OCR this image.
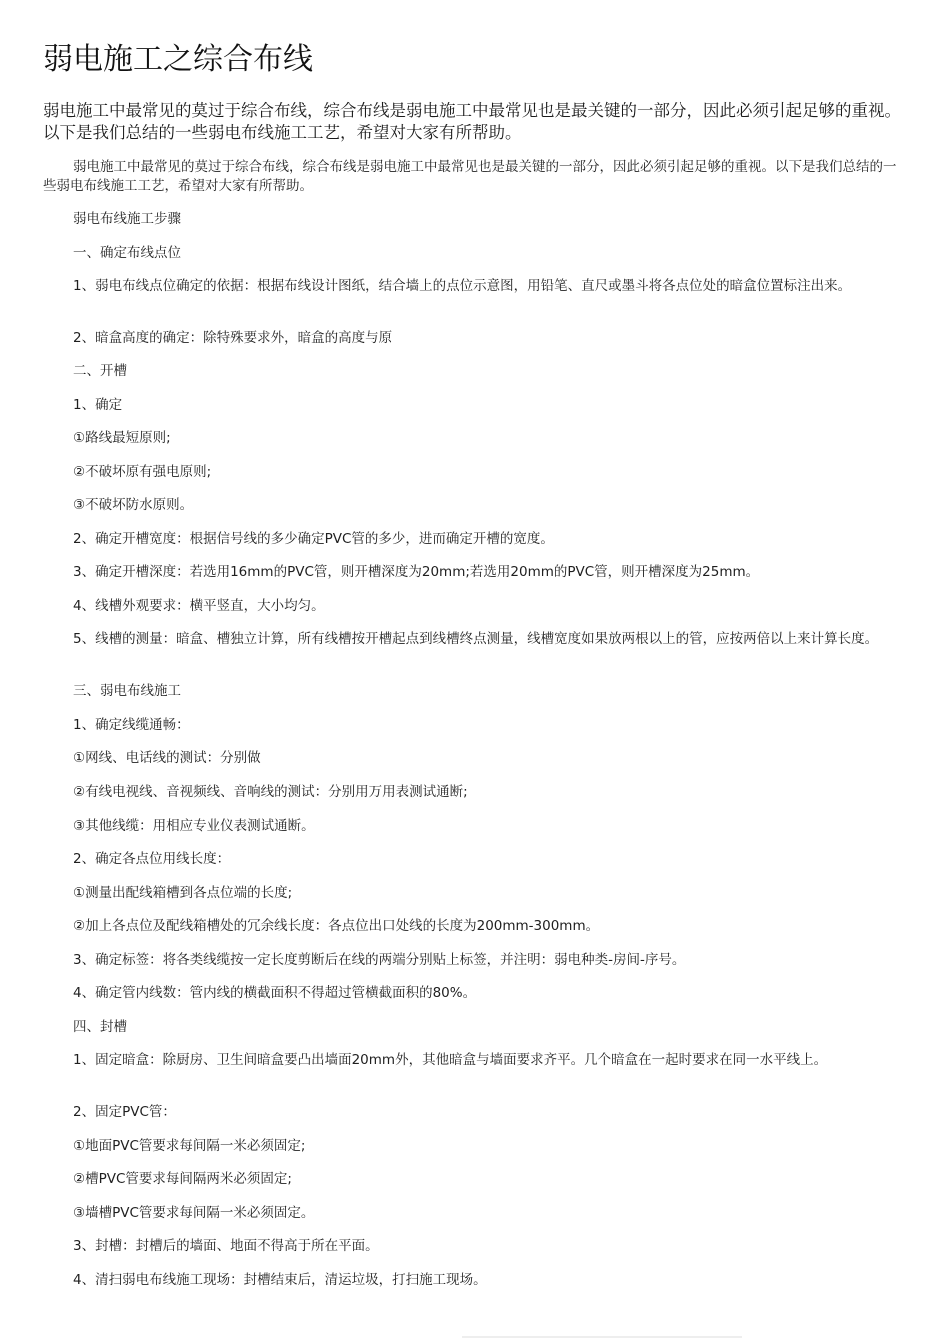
弱电施工之综合布线

弱电施工中最常见的莫过于综合布线，综合布线是弱电施工中最常见也是最关键的一部分，因此必须引起足够的重视。以下是我们总结的一些弱电布线施工工艺，希望对大家有所帮助。

弱电施工中最常见的莫过于综合布线，综合布线是弱电施工中最常见也是最关键的一部分，因此必须引起足够的重视。以下是我们总结的一些弱电布线施工工艺，希望对大家有所帮助。

弱电布线施工步骤

一、确定布线点位

1、弱电布线点位确定的依据：根据布线设计图纸，结合墙上的点位示意图，用铅笔、直尺或墨斗将各点位处的暗盒位置标注出来。

2、暗盒高度的确定：除特殊要求外，暗盒的高度与原

二、开槽

1、确定

①路线最短原则;

②不破坏原有强电原则;

③不破坏防水原则。

2、确定开槽宽度：根据信号线的多少确定PVC管的多少，进而确定开槽的宽度。

3、确定开槽深度：若选用16mm的PVC管，则开槽深度为20mm;若选用20mm的PVC管，则开槽深度为25mm。

4、线槽外观要求：横平竖直，大小均匀。

5、线槽的测量：暗盒、槽独立计算，所有线槽按开槽起点到线槽终点测量，线槽宽度如果放两根以上的管，应按两倍以上来计算长度。

三、弱电布线施工

1、确定线缆通畅：

①网线、电话线的测试：分别做

②有线电视线、音视频线、音响线的测试：分别用万用表测试通断;

③其他线缆：用相应专业仪表测试通断。

2、确定各点位用线长度：

①测量出配线箱槽到各点位端的长度;

②加上各点位及配线箱槽处的冗余线长度：各点位出口处线的长度为200mm-300mm。

3、确定标签：将各类线缆按一定长度剪断后在线的两端分别贴上标签，并注明：弱电种类-房间-序号。

4、确定管内线数：管内线的横截面积不得超过管横截面积的80%。

四、封槽

1、固定暗盒：除厨房、卫生间暗盒要凸出墙面20mm外，其他暗盒与墙面要求齐平。几个暗盒在一起时要求在同一水平线上。

2、固定PVC管：

①地面PVC管要求每间隔一米必须固定;

②槽PVC管要求每间隔两米必须固定;

③墙槽PVC管要求每间隔一米必须固定。

3、封槽：封槽后的墙面、地面不得高于所在平面。

4、清扫弱电布线施工现场：封槽结束后，清运垃圾，打扫施工现场。
